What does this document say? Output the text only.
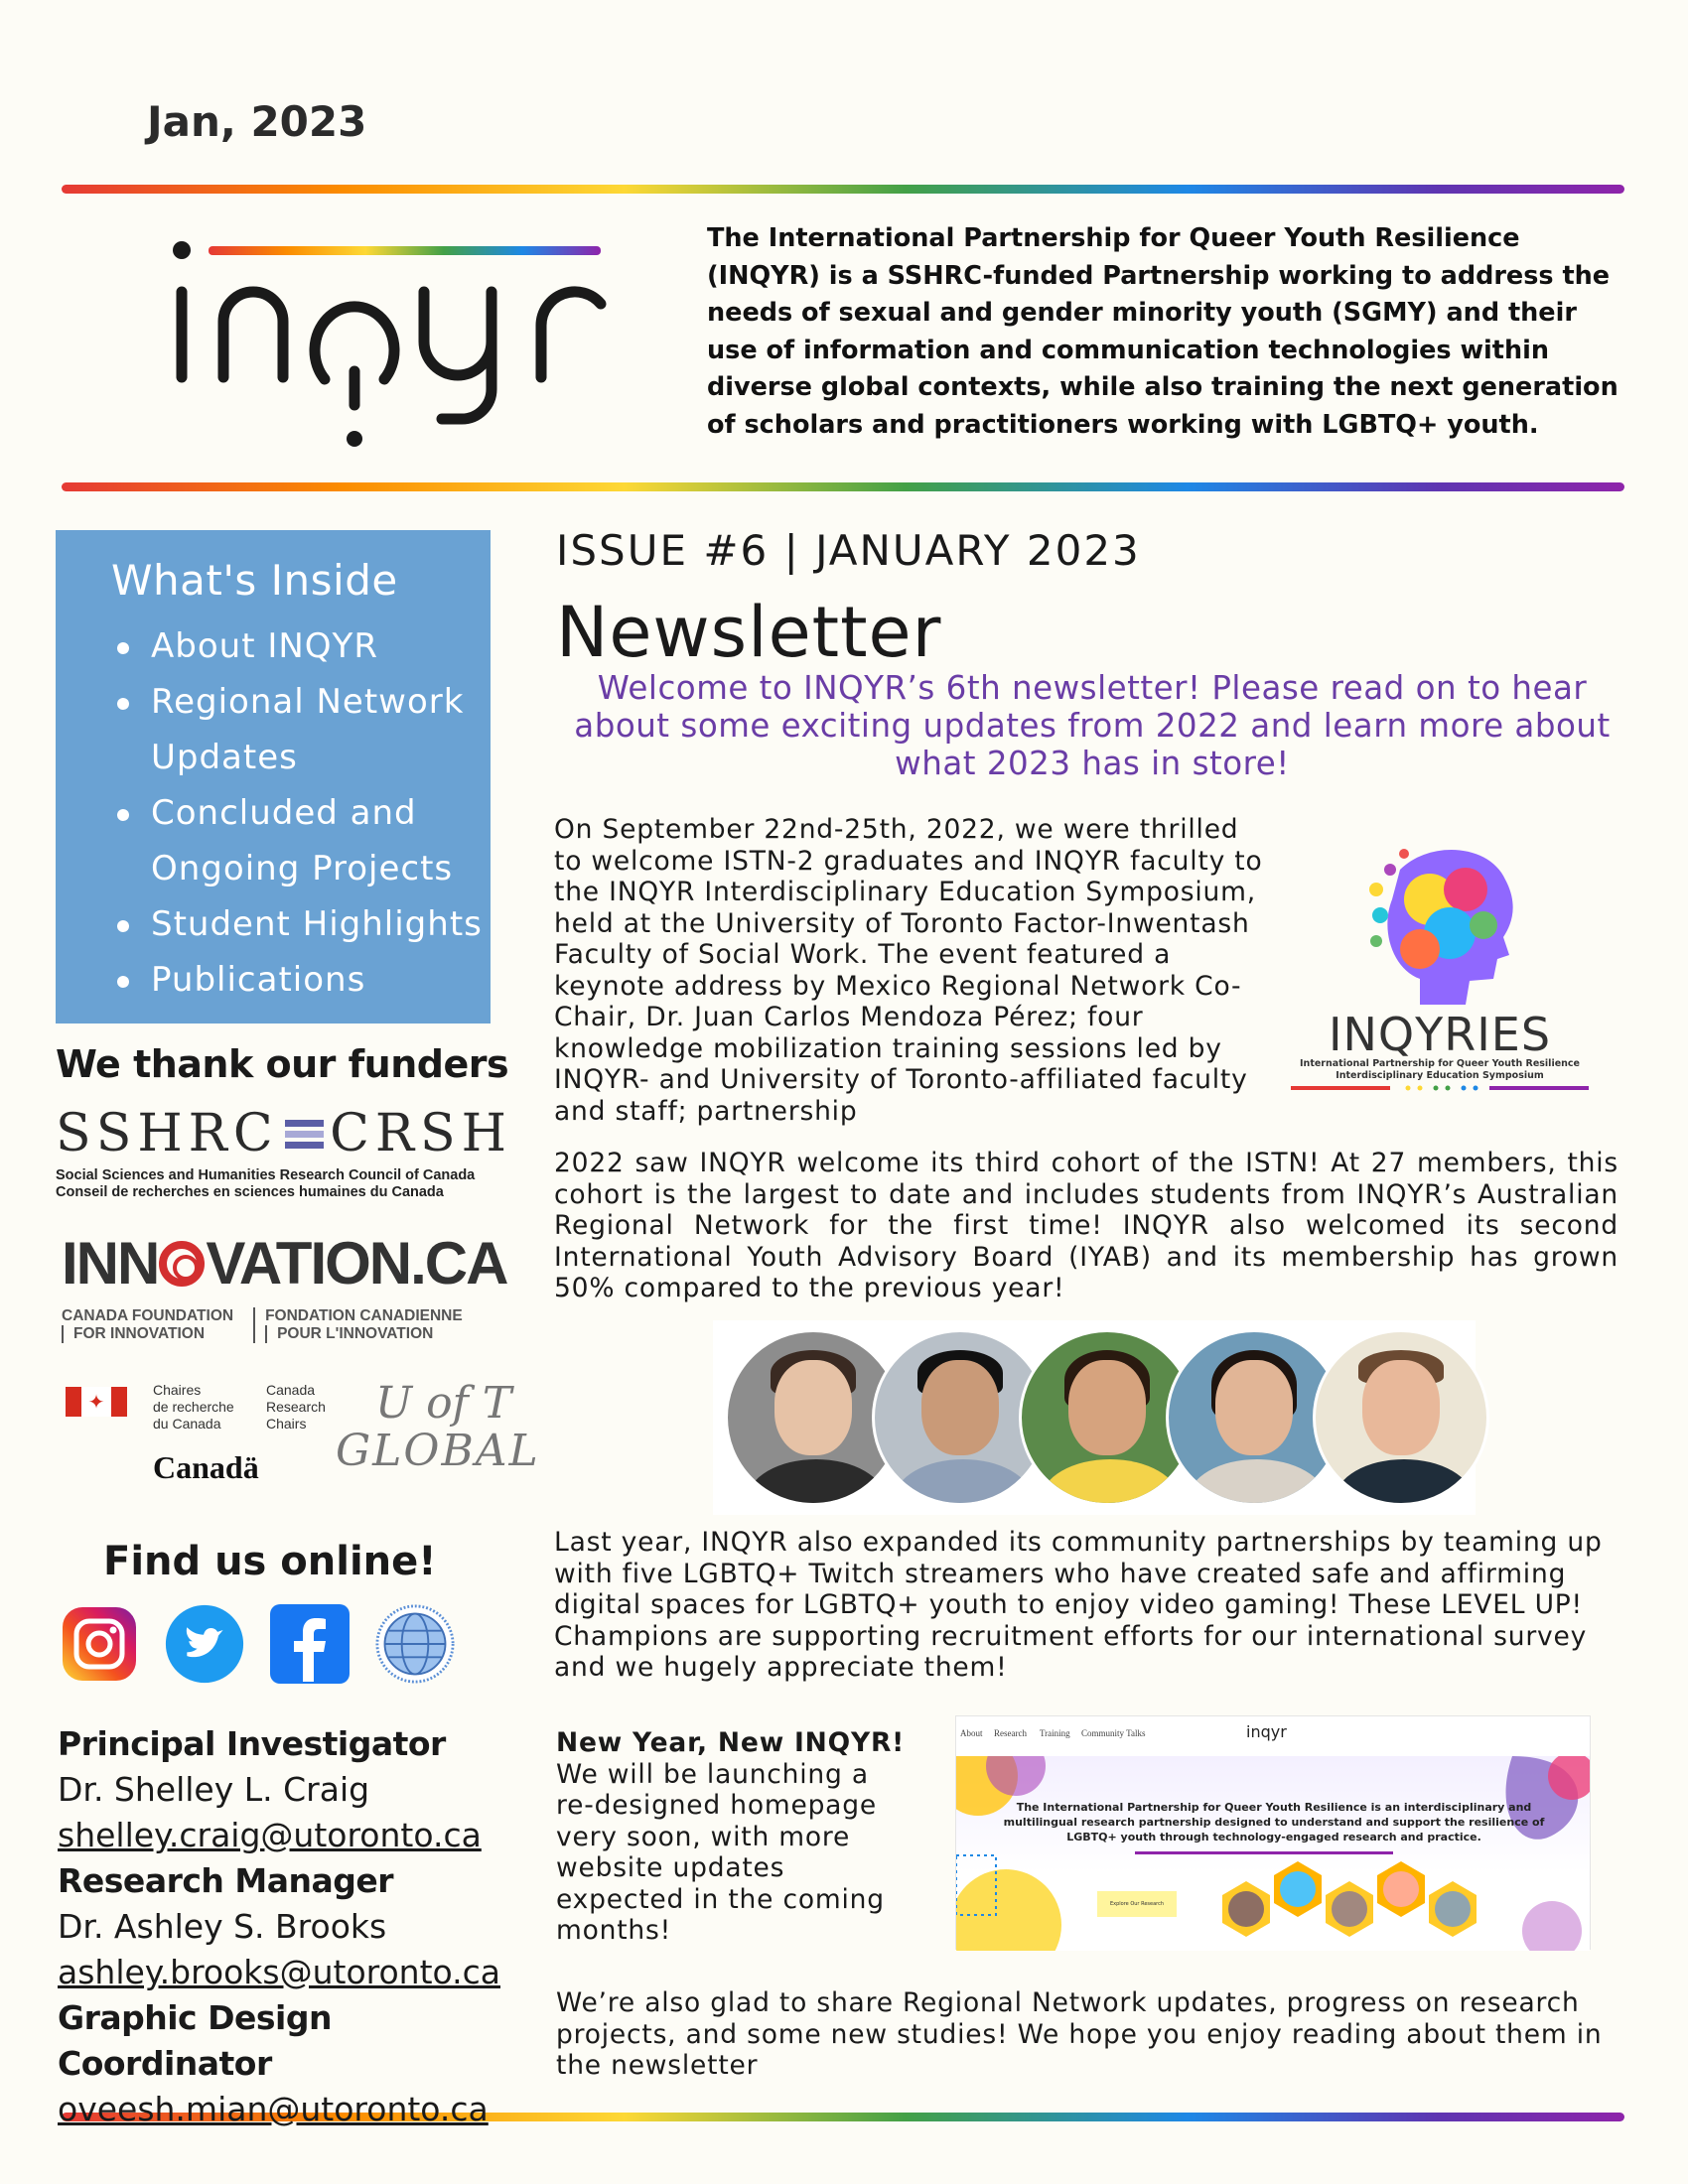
Jan, 2023
The International Partnership for Queer Youth Resilience (INQYR) is a SSHRC-funded Partnership working to address the needs of sexual and gender minority youth (SGMY) and their use of information and communication technologies within diverse global contexts, while also training the next generation of scholars and practitioners working with LGBTQ+ youth.
What's Inside
About INQYR
Regional Network
Updates
Concluded and
Ongoing Projects
Student Highlights
Publications
We thank our funders
SSHRC CRSH
Social Sciences and Humanities Research Council of Canada
Conseil de recherches en sciences humaines du Canada
INN VATION.CA
CANADA FOUNDATION
FOR INNOVATION
FONDATION CANADIENNE
POUR L'INNOVATION
✦
Chaires
de recherche
du Canada
Canada
Research
Chairs
Canadä
U of T
GLOBAL
Find us online!
Principal Investigator
Dr. Shelley L. Craig
shelley.craig@utoronto.ca
Research Manager
Dr. Ashley S. Brooks
ashley.brooks@utoronto.ca
Graphic Design Coordinator
oveesh.mian@utoronto.ca
ISSUE #6 | JANUARY 2023
Newsletter
Welcome to INQYR’s 6th newsletter! Please read on to hear about some exciting updates from 2022 and learn more about what 2023 has in store!
On September 22nd-25th, 2022, we were thrilled to welcome ISTN-2 graduates and INQYR faculty to the INQYR Interdisciplinary Education Symposium, held at the University of Toronto Factor-Inwentash Faculty of Social Work. The event featured a keynote address by Mexico Regional Network Co-Chair, Dr. Juan Carlos Mendoza Pérez; four knowledge mobilization training sessions led by INQYR- and University of Toronto-affiliated faculty and staff; partnership
INQYRIES
International Partnership for Queer Youth Resilience
Interdisciplinary Education Symposium
2022 saw INQYR welcome its third cohort of the ISTN! At 27 members, this cohort is the largest to date and includes students from INQYR’s Australian Regional Network for the first time! INQYR also welcomed its second International Youth Advisory Board (IYAB) and its membership has grown 50% compared to the previous year!
Last year, INQYR also expanded its community partnerships by teaming up with five LGBTQ+ Twitch streamers who have created safe and affirming digital spaces for LGBTQ+ youth to enjoy video gaming! These LEVEL UP! Champions are supporting recruitment efforts for our international survey and we hugely appreciate them!
New Year, New INQYR!
We will be launching a re-designed homepage very soon, with more website updates expected in the coming months!
About Research Training Community Talks	inqyr
The International Partnership for Queer Youth Resilience is an interdisciplinary and multilingual research partnership designed to understand and support the resilience of LGBTQ+ youth through technology-engaged research and practice.
Explore Our Research
We’re also glad to share Regional Network updates, progress on research projects, and some new studies! We hope you enjoy reading about them in the newsletter
